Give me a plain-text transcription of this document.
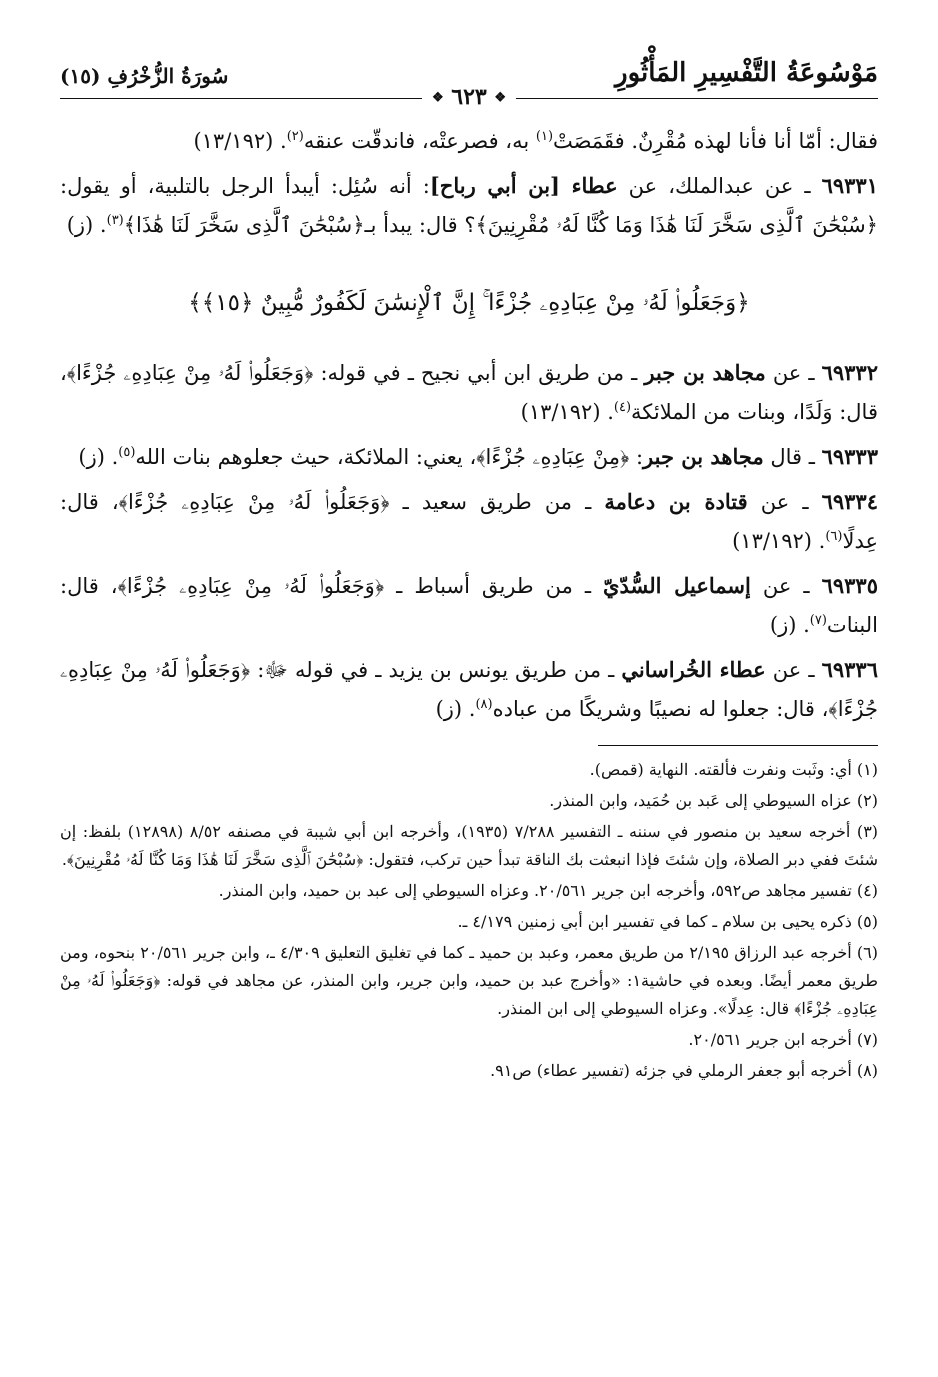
مَوْسُوعَةُ التَّفْسِيرِ المَأْثُورِ
سُورَةُ الزُّخْرُفِ (١٥)
❖ ٦٢٣ ❖

فقال: أمّا أنا فأنا لهذه مُقْرِنٌ. فقَمَصَتْ$^{(١)}$ به، فصرعتْه، فاندقّت عنقه$^{(٢)}$. (١٣/١٩٢)

٦٩٣٣١ ـ عن عبدالملك، عن عطاء [بن أبي رباح]: أنه سُئِل: أيبدأ الرجل بالتلبية، أو يقول: ﴿سُبْحَٰنَ ٱلَّذِى سَخَّرَ لَنَا هَٰذَا وَمَا كُنَّا لَهُۥ مُقْرِنِينَ﴾؟ قال: يبدأ بـ﴿سُبْحَٰنَ ٱلَّذِى سَخَّرَ لَنَا هَٰذَا﴾$^{(٣)}$. (ز)

﴿وَجَعَلُوا۟ لَهُۥ مِنْ عِبَادِهِۦ جُزْءًا ۚ إِنَّ ٱلْإِنسَٰنَ لَكَفُورٌ مُّبِينٌ ﴿١٥﴾﴾

٦٩٣٣٢ ـ عن مجاهد بن جبر ـ من طريق ابن أبي نجيح ـ في قوله: ﴿وَجَعَلُوا۟ لَهُۥ مِنْ عِبَادِهِۦ جُزْءًا﴾، قال: وَلَدًا، وبنات من الملائكة$^{(٤)}$. (١٣/١٩٢)

٦٩٣٣٣ ـ قال مجاهد بن جبر: ﴿مِنْ عِبَادِهِۦ جُزْءًا﴾، يعني: الملائكة، حيث جعلوهم بنات الله$^{(٥)}$. (ز)

٦٩٣٣٤ ـ عن قتادة بن دعامة ـ من طريق سعيد ـ ﴿وَجَعَلُوا۟ لَهُۥ مِنْ عِبَادِهِۦ جُزْءًا﴾، قال: عِدلًا$^{(٦)}$. (١٣/١٩٢)

٦٩٣٣٥ ـ عن إسماعيل السُّدّيّ ـ من طريق أسباط ـ ﴿وَجَعَلُوا۟ لَهُۥ مِنْ عِبَادِهِۦ جُزْءًا﴾، قال: البنات$^{(٧)}$. (ز)

٦٩٣٣٦ ـ عن عطاء الخُراساني ـ من طريق يونس بن يزيد ـ في قوله ﷻ: ﴿وَجَعَلُوا۟ لَهُۥ مِنْ عِبَادِهِۦ جُزْءًا﴾، قال: جعلوا له نصيبًا وشريكًا من عباده$^{(٨)}$. (ز)

(١) أي: وثَبت ونفرت فألقته. النهاية (قمص).

(٢) عزاه السيوطي إلى عَبد بن حُمَيد، وابن المنذر.

(٣) أخرجه سعيد بن منصور في سننه ـ التفسير ٧/٢٨٨ (١٩٣٥)، وأخرجه ابن أبي شيبة في مصنفه ٨/٥٢ (١٢٨٩٨) بلفظ: إن شئتَ ففي دبر الصلاة، وإن شئتَ فإذا انبعثت بك الناقة تبدأ حين تركب، فتقول: ﴿سُبْحَٰنَ ٱلَّذِى سَخَّرَ لَنَا هَٰذَا وَمَا كُنَّا لَهُۥ مُقْرِنِينَ﴾.

(٤) تفسير مجاهد ص٥٩٢، وأخرجه ابن جرير ٢٠/٥٦١. وعزاه السيوطي إلى عبد بن حميد، وابن المنذر.

(٥) ذكره يحيى بن سلام ـ كما في تفسير ابن أبي زمنين ٤/١٧٩ ـ.

(٦) أخرجه عبد الرزاق ٢/١٩٥ من طريق معمر، وعبد بن حميد ـ كما في تغليق التعليق ٤/٣٠٩ ـ، وابن جرير ٢٠/٥٦١ بنحوه، ومن طريق معمر أيضًا. وبعده في حاشية١: «وأخرج عبد بن حميد، وابن جرير، وابن المنذر، عن مجاهد في قوله: ﴿وَجَعَلُوا۟ لَهُۥ مِنْ عِبَادِهِۦ جُزْءًا﴾ قال: عِدلًا». وعزاه السيوطي إلى ابن المنذر.

(٧) أخرجه ابن جرير ٢٠/٥٦١.

(٨) أخرجه أبو جعفر الرملي في جزئه (تفسير عطاء) ص٩١.
